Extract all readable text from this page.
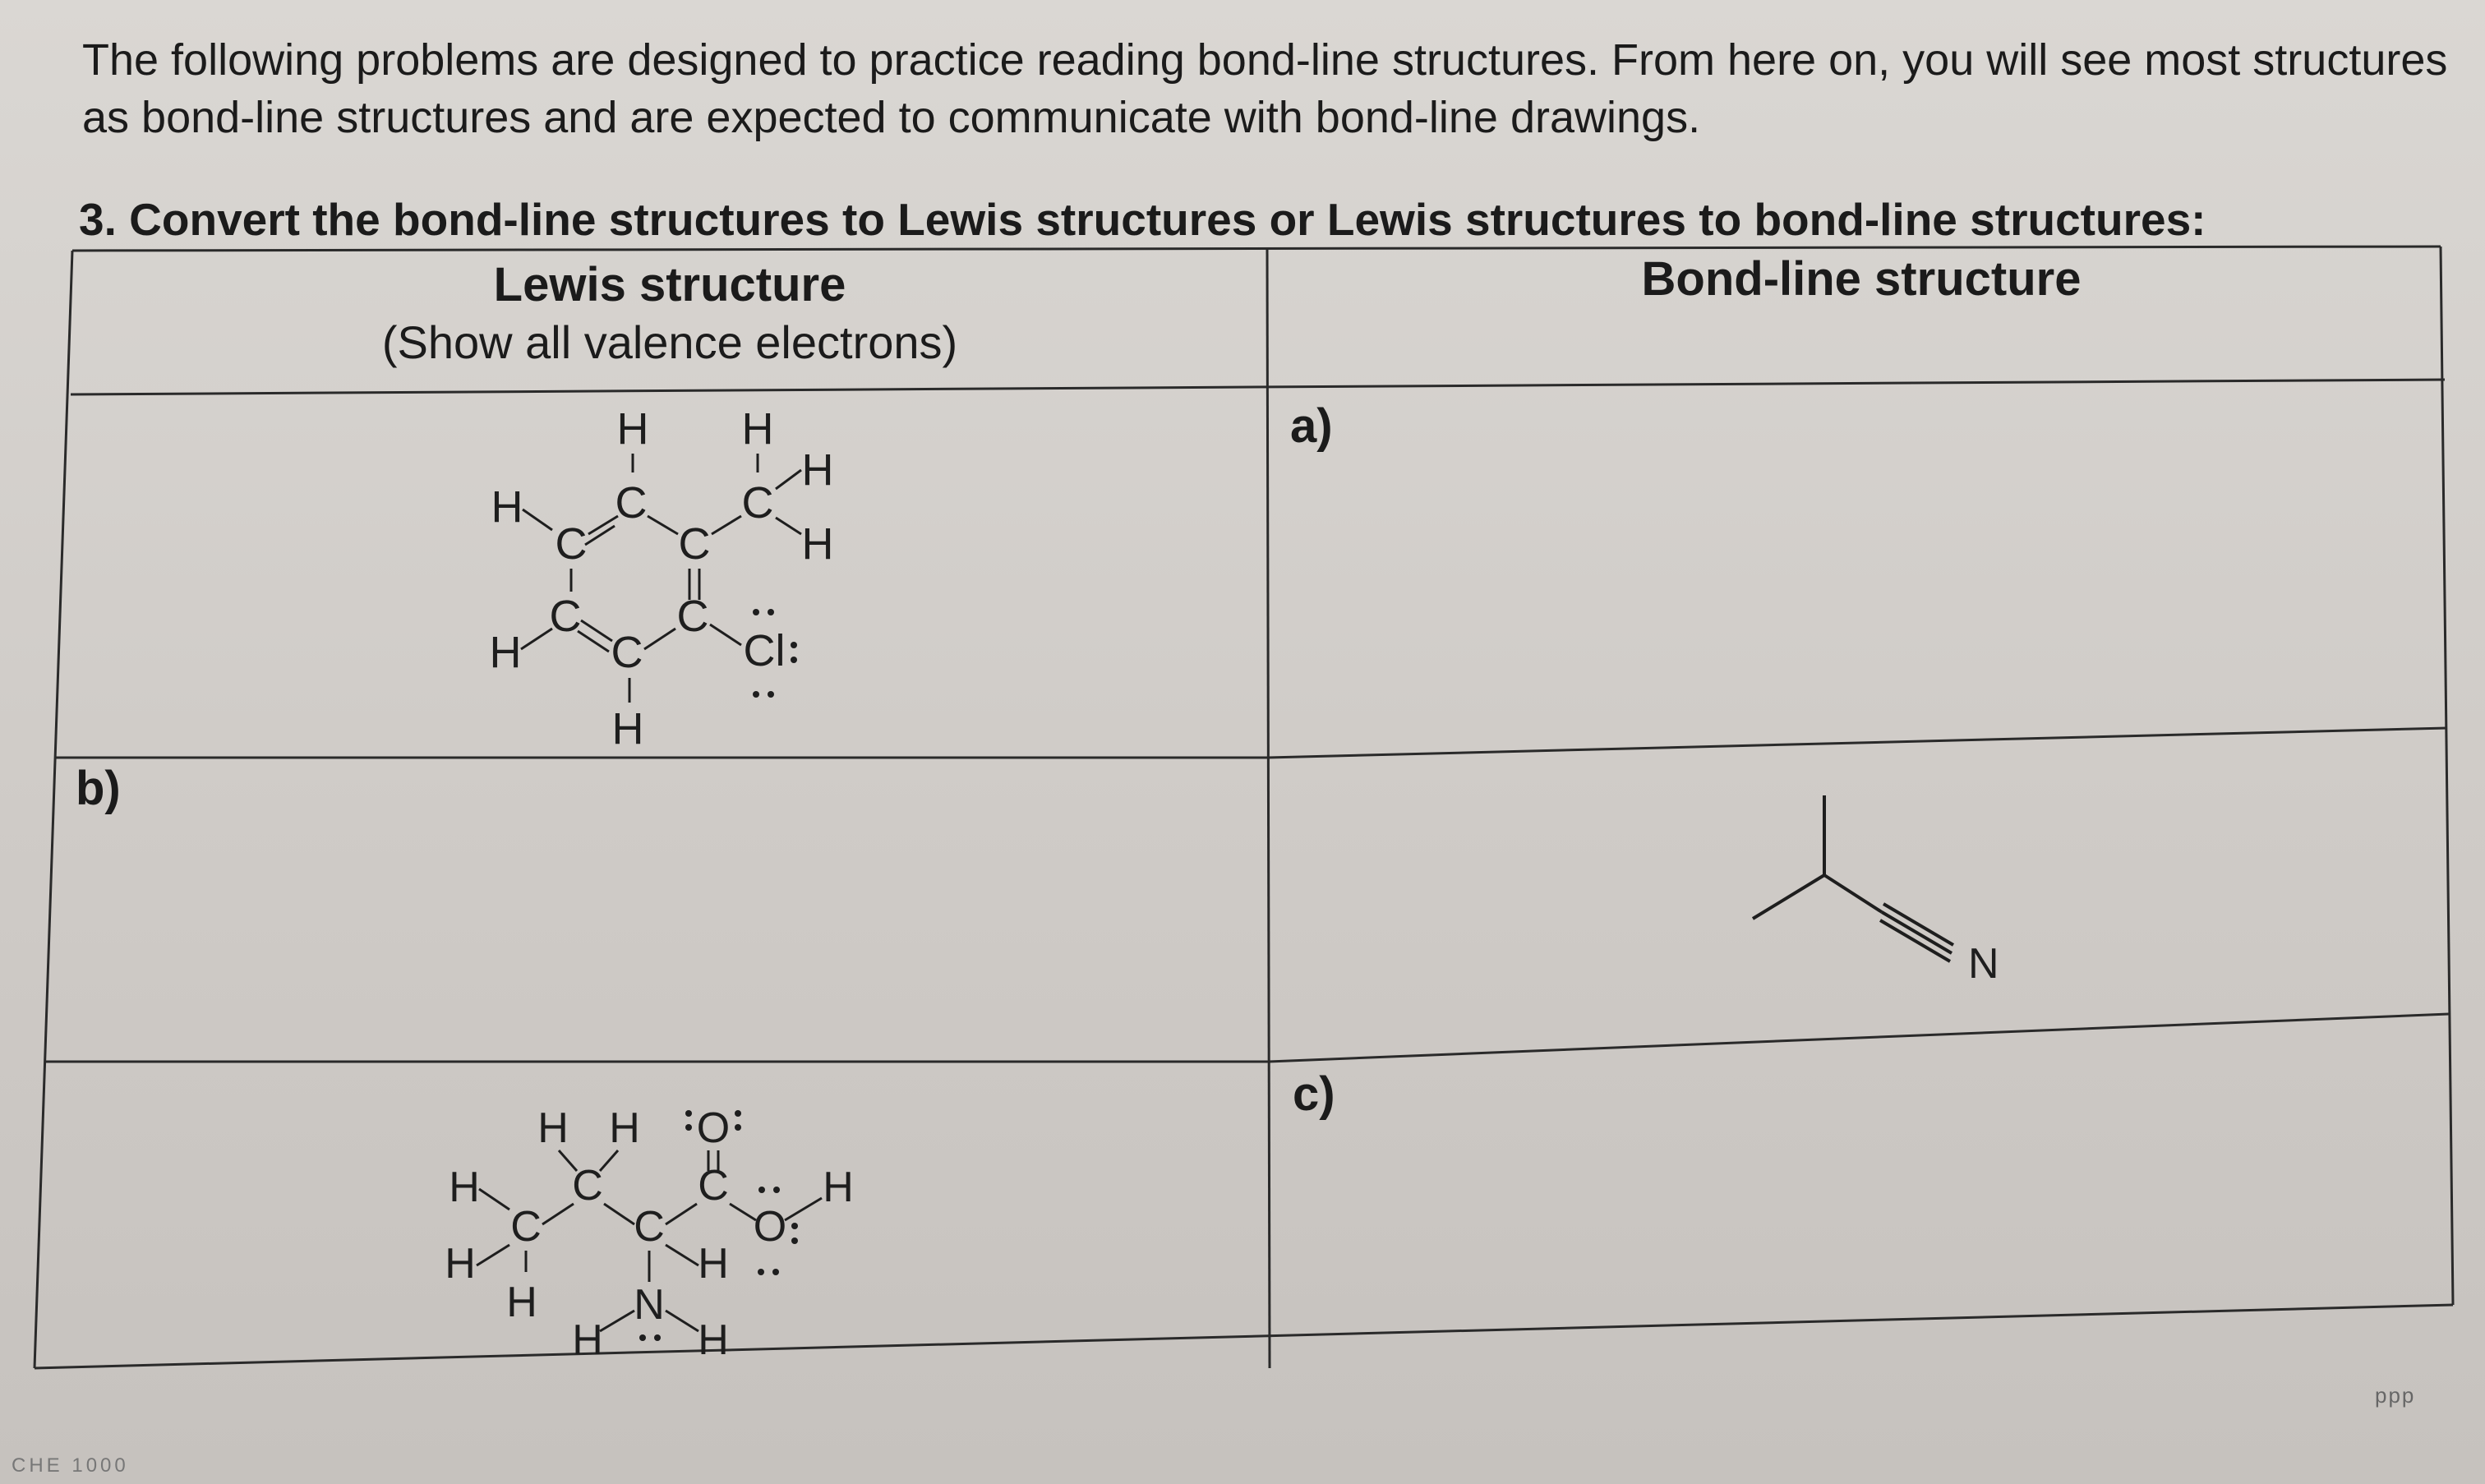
The following problems are designed to practice reading bond-line structures. From here on, you will see most structures as bond-line structures and are expected to communicate with bond-line drawings.
3. Convert the bond-line structures to Lewis structures or Lewis structures to bond-line structures:
Lewis structure
(Show all valence electrons)
Bond-line structure
a)
b)
c)
H H
H
H C C
C	H
C
C C
Cl
H
H
C
N
H H O
H C C
O
C C
H
H	H
N
H
H H
CHE 1000
ppp
